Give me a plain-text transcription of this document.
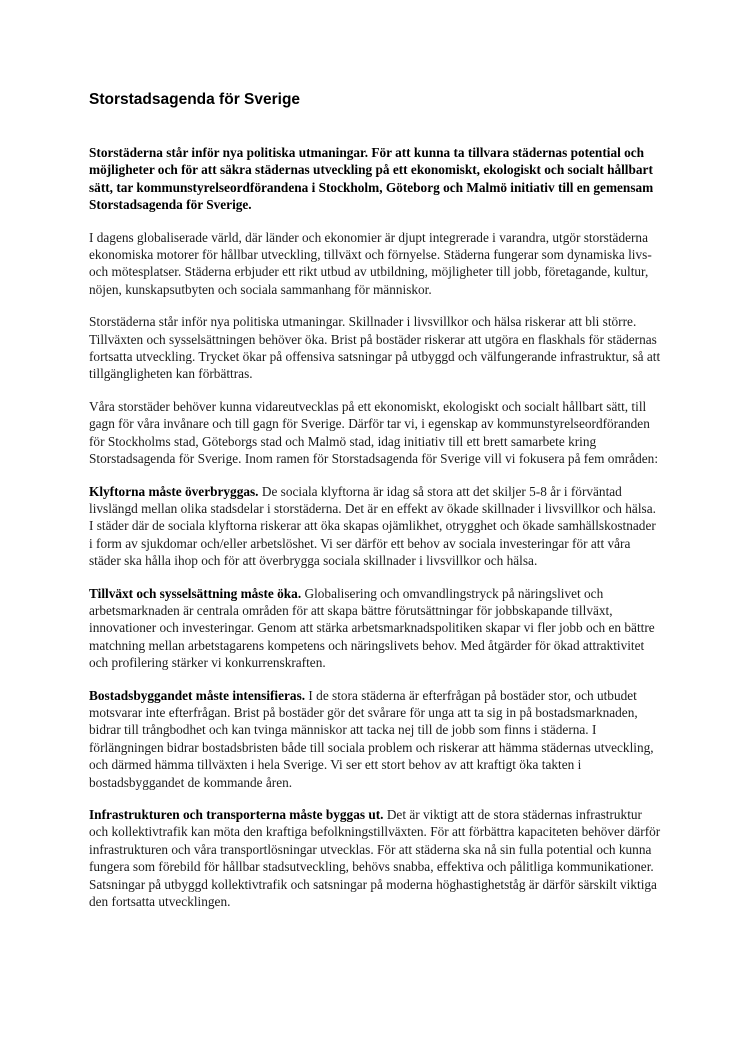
Storstadsagenda för Sverige

Storstäderna står inför nya politiska utmaningar. För att kunna ta tillvara städernas potential och möjligheter och för att säkra städernas utveckling på ett ekonomiskt, ekologiskt och socialt hållbart sätt, tar kommunstyrelseordförandena i Stockholm, Göteborg och Malmö initiativ till en gemensam Storstadsagenda för Sverige.

I dagens globaliserade värld, där länder och ekonomier är djupt integrerade i varandra, utgör storstäderna ekonomiska motorer för hållbar utveckling, tillväxt och förnyelse. Städerna fungerar som dynamiska livs- och mötesplatser. Städerna erbjuder ett rikt utbud av utbildning, möjligheter till jobb, företagande, kultur, nöjen, kunskapsutbyten och sociala sammanhang för människor.

Storstäderna står inför nya politiska utmaningar. Skillnader i livsvillkor och hälsa riskerar att bli större. Tillväxten och sysselsättningen behöver öka. Brist på bostäder riskerar att utgöra en flaskhals för städernas fortsatta utveckling. Trycket ökar på offensiva satsningar på utbyggd och välfungerande infrastruktur, så att tillgängligheten kan förbättras.

Våra storstäder behöver kunna vidareutvecklas på ett ekonomiskt, ekologiskt och socialt hållbart sätt, till gagn för våra invånare och till gagn för Sverige. Därför tar vi, i egenskap av kommunstyrelseordföranden för Stockholms stad, Göteborgs stad och Malmö stad, idag initiativ till ett brett samarbete kring Storstadsagenda för Sverige. Inom ramen för Storstadsagenda för Sverige vill vi fokusera på fem områden:

Klyftorna måste överbryggas. De sociala klyftorna är idag så stora att det skiljer 5-8 år i förväntad livslängd mellan olika stadsdelar i storstäderna. Det är en effekt av ökade skillnader i livsvillkor och hälsa. I städer där de sociala klyftorna riskerar att öka skapas ojämlikhet, otrygghet och ökade samhällskostnader i form av sjukdomar och/eller arbetslöshet. Vi ser därför ett behov av sociala investeringar för att våra städer ska hålla ihop och för att överbrygga sociala skillnader i livsvillkor och hälsa.

Tillväxt och sysselsättning måste öka. Globalisering och omvandlingstryck på näringslivet och arbetsmarknaden är centrala områden för att skapa bättre förutsättningar för jobbskapande tillväxt, innovationer och investeringar. Genom att stärka arbetsmarknadspolitiken skapar vi fler jobb och en bättre matchning mellan arbetstagarens kompetens och näringslivets behov. Med åtgärder för ökad attraktivitet och profilering stärker vi konkurrenskraften.

Bostadsbyggandet måste intensifieras. I de stora städerna är efterfrågan på bostäder stor, och utbudet motsvarar inte efterfrågan. Brist på bostäder gör det svårare för unga att ta sig in på bostadsmarknaden, bidrar till trångbodhet och kan tvinga människor att tacka nej till de jobb som finns i städerna. I förlängningen bidrar bostadsbristen både till sociala problem och riskerar att hämma städernas utveckling, och därmed hämma tillväxten i hela Sverige. Vi ser ett stort behov av att kraftigt öka takten i bostadsbyggandet de kommande åren.

Infrastrukturen och transporterna måste byggas ut. Det är viktigt att de stora städernas infrastruktur och kollektivtrafik kan möta den kraftiga befolkningstillväxten. För att förbättra kapaciteten behöver därför infrastrukturen och våra transportlösningar utvecklas. För att städerna ska nå sin fulla potential och kunna fungera som förebild för hållbar stadsutveckling, behövs snabba, effektiva och pålitliga kommunikationer. Satsningar på utbyggd kollektivtrafik och satsningar på moderna höghastighetståg är därför särskilt viktiga den fortsatta utvecklingen.
